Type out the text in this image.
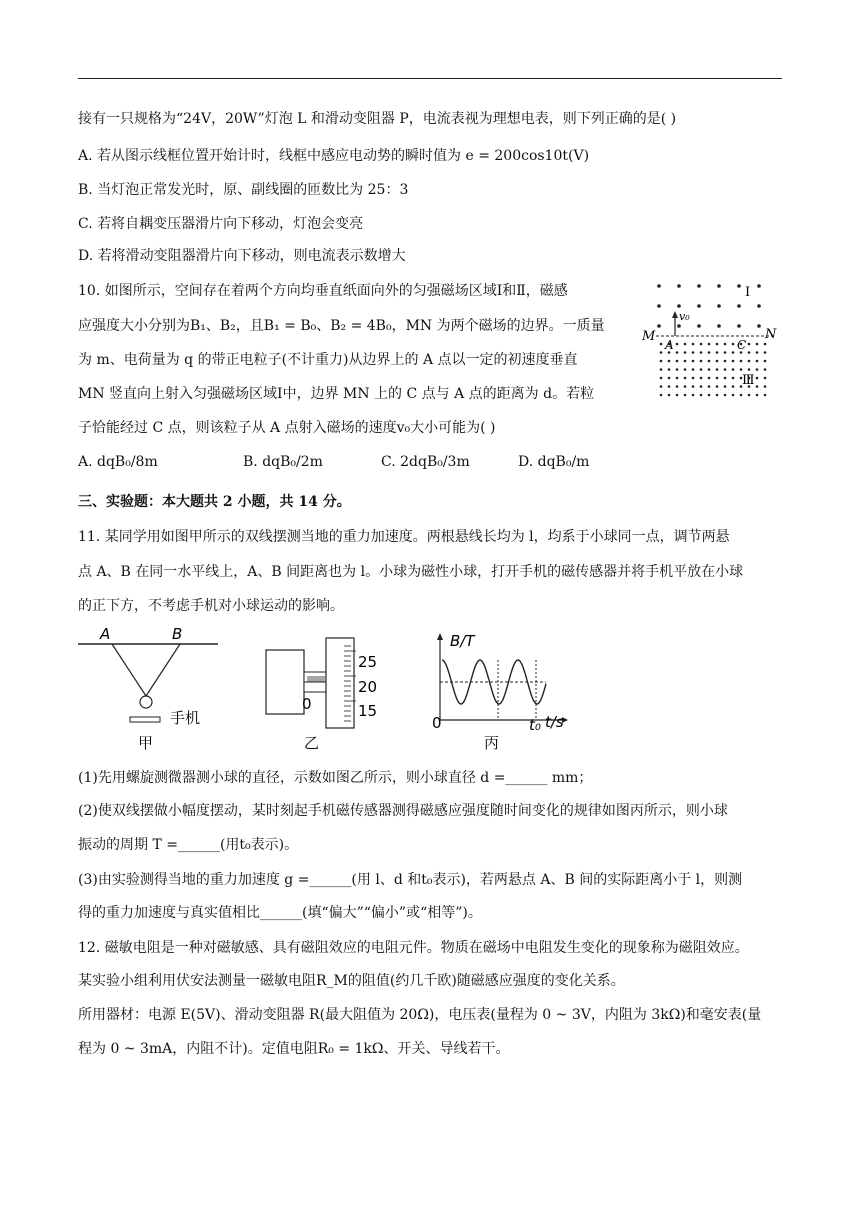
接有一只规格为“24V，20W”灯泡 L 和滑动变阻器 P，电流表视为理想电表，则下列正确的是( )
A. 若从图示线框位置开始计时，线框中感应电动势的瞬时值为 e = 200cos10t(V)
B. 当灯泡正常发光时，原、副线圈的匝数比为 25：3
C. 若将自耦变压器滑片向下移动，灯泡会变亮
D. 若将滑动变阻器滑片向下移动，则电流表示数增大
10. 如图所示，空间存在着两个方向均垂直纸面向外的匀强磁场区域Ⅰ和Ⅱ，磁感
应强度大小分别为B₁、B₂，且B₁ = B₀、B₂ = 4B₀，MN 为两个磁场的边界。一质量
为 m、电荷量为 q 的带正电粒子(不计重力)从边界上的 A 点以一定的初速度垂直
MN 竖直向上射入匀强磁场区域Ⅰ中，边界 MN 上的 C 点与 A 点的距离为 d。若粒
子恰能经过 C 点，则该粒子从 A 点射入磁场的速度v₀大小可能为( )
M	N
A	C
v₀
Ⅰ
Ⅲ
A. dqB₀/8m	B. dqB₀/2m	C. 2dqB₀/3m	D. dqB₀/m
三、实验题：本大题共 2 小题，共 14 分。
11. 某同学用如图甲所示的双线摆测当地的重力加速度。两根悬线长均为 l，均系于小球同一点，调节两悬
点 A、B 在同一水平线上，A、B 间距离也为 l。小球为磁性小球，打开手机的磁传感器并将手机平放在小球
的正下方，不考虑手机对小球运动的影响。
A	B
手机
甲
25
20
15
0
乙
B/T
t/s
0	t₀
丙
(1)先用螺旋测微器测小球的直径，示数如图乙所示，则小球直径 d =______ mm；
(2)使双线摆做小幅度摆动，某时刻起手机磁传感器测得磁感应强度随时间变化的规律如图丙所示，则小球
振动的周期 T =______(用t₀表示)。
(3)由实验测得当地的重力加速度 g =______(用 l、d 和t₀表示)，若两悬点 A、B 间的实际距离小于 l，则测
得的重力加速度与真实值相比______(填“偏大”“偏小”或“相等”)。
12. 磁敏电阻是一种对磁敏感、具有磁阻效应的电阻元件。物质在磁场中电阻发生变化的现象称为磁阻效应。
某实验小组利用伏安法测量一磁敏电阻R_M的阻值(约几千欧)随磁感应强度的变化关系。
所用器材：电源 E(5V)、滑动变阻器 R(最大阻值为 20Ω)，电压表(量程为 0 ~ 3V，内阻为 3kΩ)和毫安表(量
程为 0 ~ 3mA，内阻不计)。定值电阻R₀ = 1kΩ、开关、导线若干。
